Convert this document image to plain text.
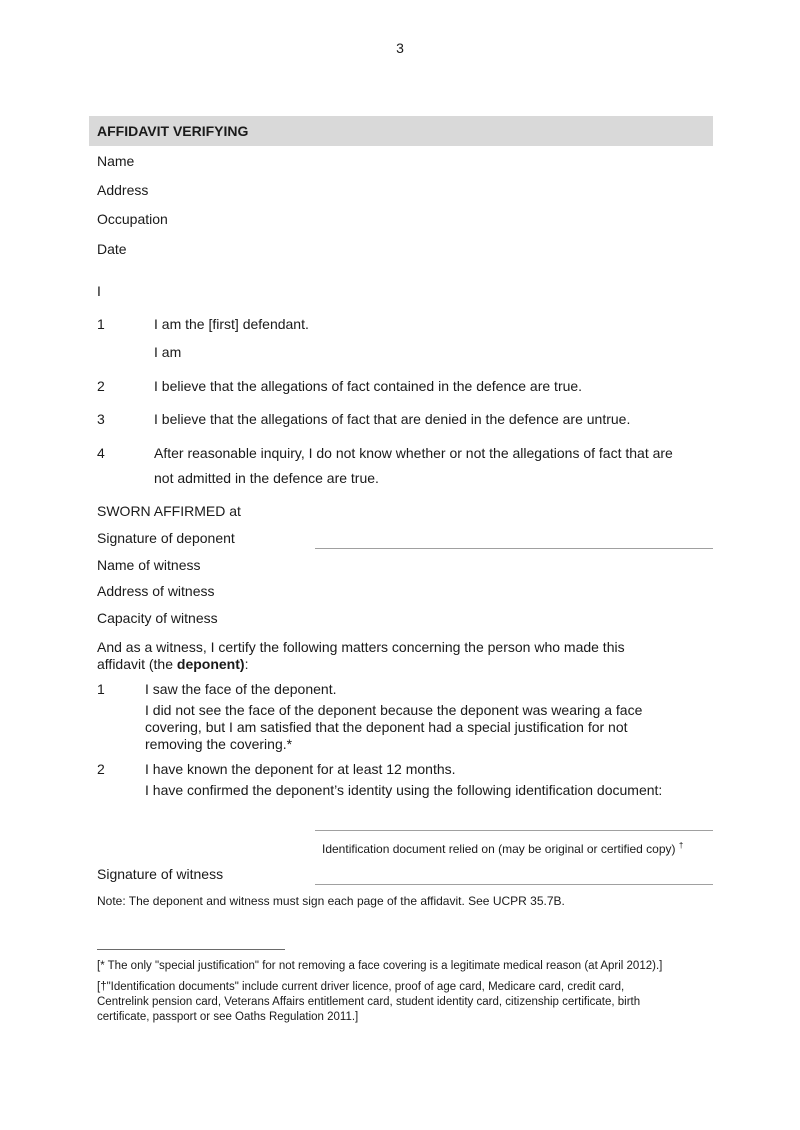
3
AFFIDAVIT VERIFYING
Name
Address
Occupation
Date
I
1	I am the [first] defendant.
I am
2	I believe that the allegations of fact contained in the defence are true.
3	I believe that the allegations of fact that are denied in the defence are untrue.
4	After reasonable inquiry, I do not know whether or not the allegations of fact that are
not admitted in the defence are true.
SWORN AFFIRMED at
Signature of deponent
Name of witness
Address of witness
Capacity of witness
And as a witness, I certify the following matters concerning the person who made this
affidavit (the deponent):
1	I saw the face of the deponent.
I did not see the face of the deponent because the deponent was wearing a face
covering, but I am satisfied that the deponent had a special justification for not
removing the covering.*
2	I have known the deponent for at least 12 months.
I have confirmed the deponent’s identity using the following identification document:
Identification document relied on (may be original or certified copy) †
Signature of witness
Note: The deponent and witness must sign each page of the affidavit. See UCPR 35.7B.
[* The only "special justification" for not removing a face covering is a legitimate medical reason (at April 2012).]
[†"Identification documents" include current driver licence, proof of age card, Medicare card, credit card,
Centrelink pension card, Veterans Affairs entitlement card, student identity card, citizenship certificate, birth
certificate, passport or see Oaths Regulation 2011.]
